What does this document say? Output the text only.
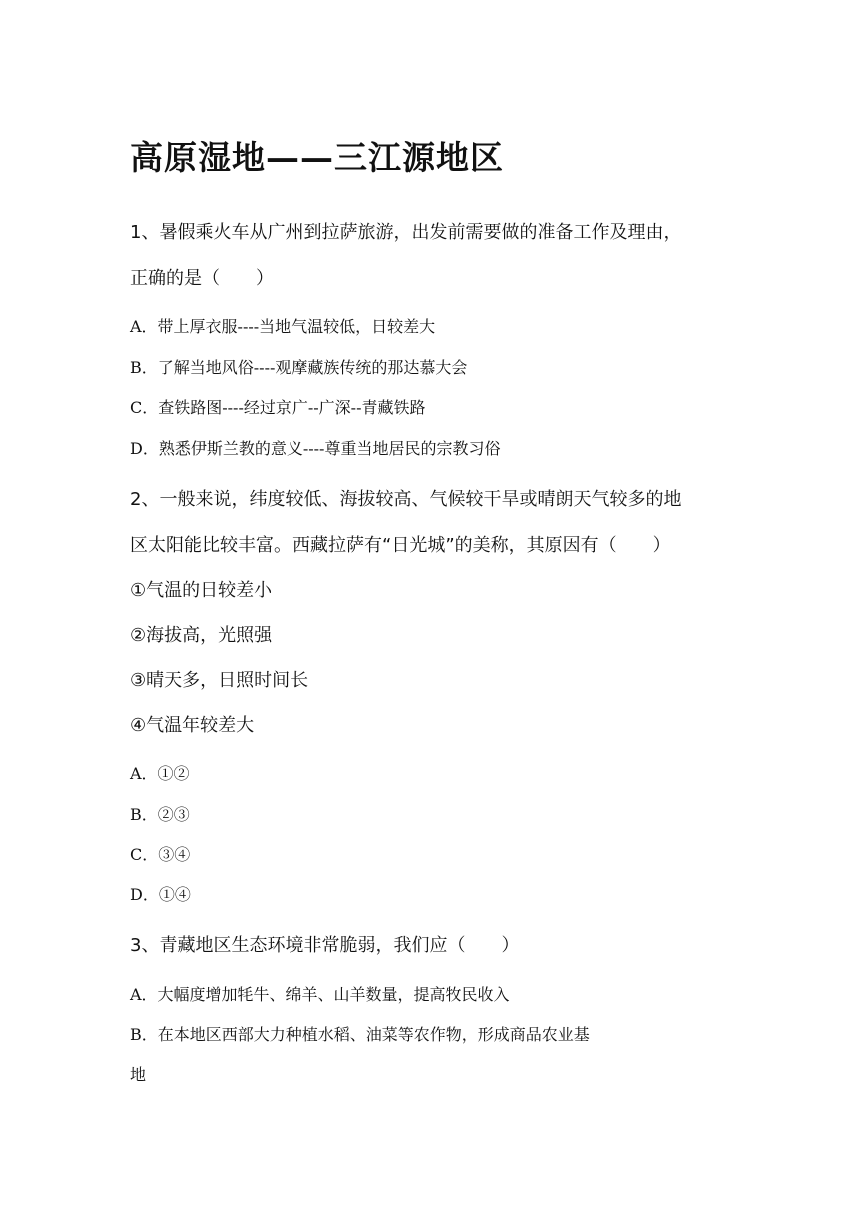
高原湿地——三江源地区
1、暑假乘火车从广州到拉萨旅游，出发前需要做的准备工作及理由，
正确的是（　　）
A．带上厚衣服----当地气温较低，日较差大
B．了解当地风俗----观摩藏族传统的那达慕大会
C．查铁路图----经过京广--广深--青藏铁路
D．熟悉伊斯兰教的意义----尊重当地居民的宗教习俗
2、一般来说，纬度较低、海拔较高、气候较干旱或晴朗天气较多的地
区太阳能比较丰富。西藏拉萨有“日光城”的美称，其原因有（　　）
①气温的日较差小
②海拔高，光照强
③晴天多，日照时间长
④气温年较差大
A．①②
B．②③
C．③④
D．①④
3、青藏地区生态环境非常脆弱，我们应（　　）
A．大幅度增加牦牛、绵羊、山羊数量，提高牧民收入
B．在本地区西部大力种植水稻、油菜等农作物，形成商品农业基
地
